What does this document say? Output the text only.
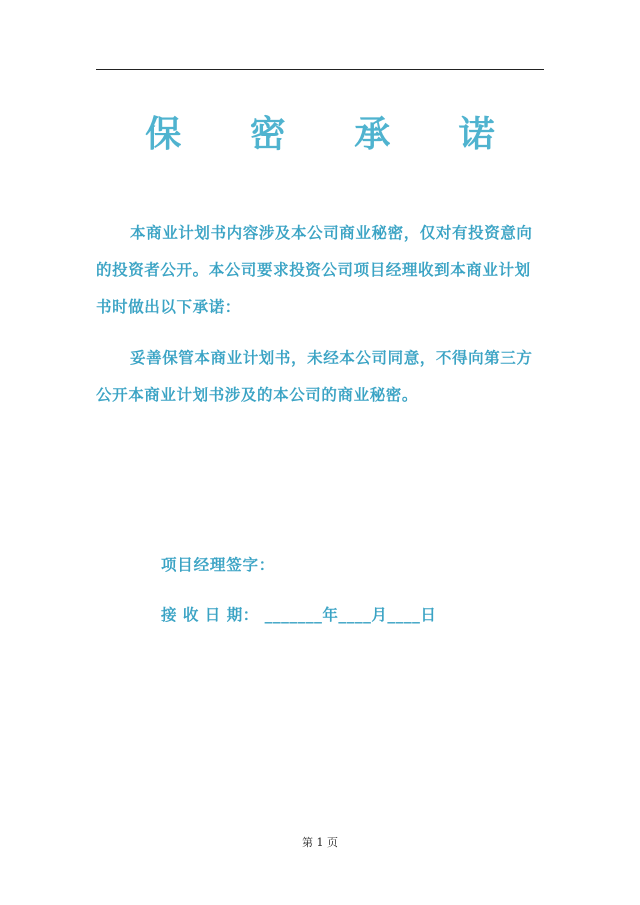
保 密 承 诺

本商业计划书内容涉及本公司商业秘密，仅对有投资意向的投资者公开。本公司要求投资公司项目经理收到本商业计划书时做出以下承诺：

妥善保管本商业计划书，未经本公司同意，不得向第三方公开本商业计划书涉及的本公司的商业秘密。

项目经理签字：
接 收 日 期： _______年____月____日
第 1 页
